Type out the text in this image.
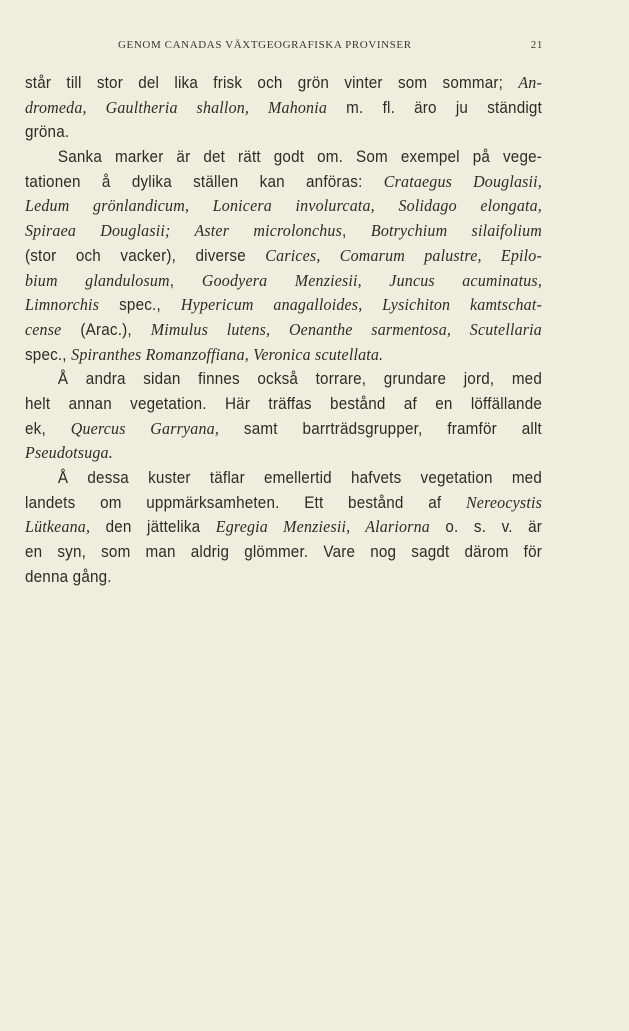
GENOM CANADAS VÄXTGEOGRAFISKA PROVINSER	21
står till stor del lika frisk och grön vinter som sommar; An-
dromeda, Gaultheria shallon, Mahonia m. fl. äro ju ständigt
gröna.
Sanka marker är det rätt godt om. Som exempel på vege-
tationen å dylika ställen kan anföras: Crataegus Douglasii,
Ledum grönlandicum, Lonicera involurcata, Solidago elongata,
Spiraea Douglasii; Aster microlonchus, Botrychium silaifolium
(stor och vacker), diverse Carices, Comarum palustre, Epilo-
bium glandulosum, Goodyera Menziesii, Juncus acuminatus,
Limnorchis spec., Hypericum anagalloides, Lysichiton kamtschat-
cense (Arac.), Mimulus lutens, Oenanthe sarmentosa, Scutellaria
spec., Spiranthes Romanzoffiana, Veronica scutellata.
Å andra sidan finnes också torrare, grundare jord, med
helt annan vegetation. Här träffas bestånd af en löffällande
ek, Quercus Garryana, samt barrträdsgrupper, framför allt
Pseudotsuga.
Å dessa kuster täflar emellertid hafvets vegetation med
landets om uppmärksamheten. Ett bestånd af Nereocystis
Lütkeana, den jättelika Egregia Menziesii, Alariorna o. s. v. är
en syn, som man aldrig glömmer. Vare nog sagdt därom för
denna gång.
